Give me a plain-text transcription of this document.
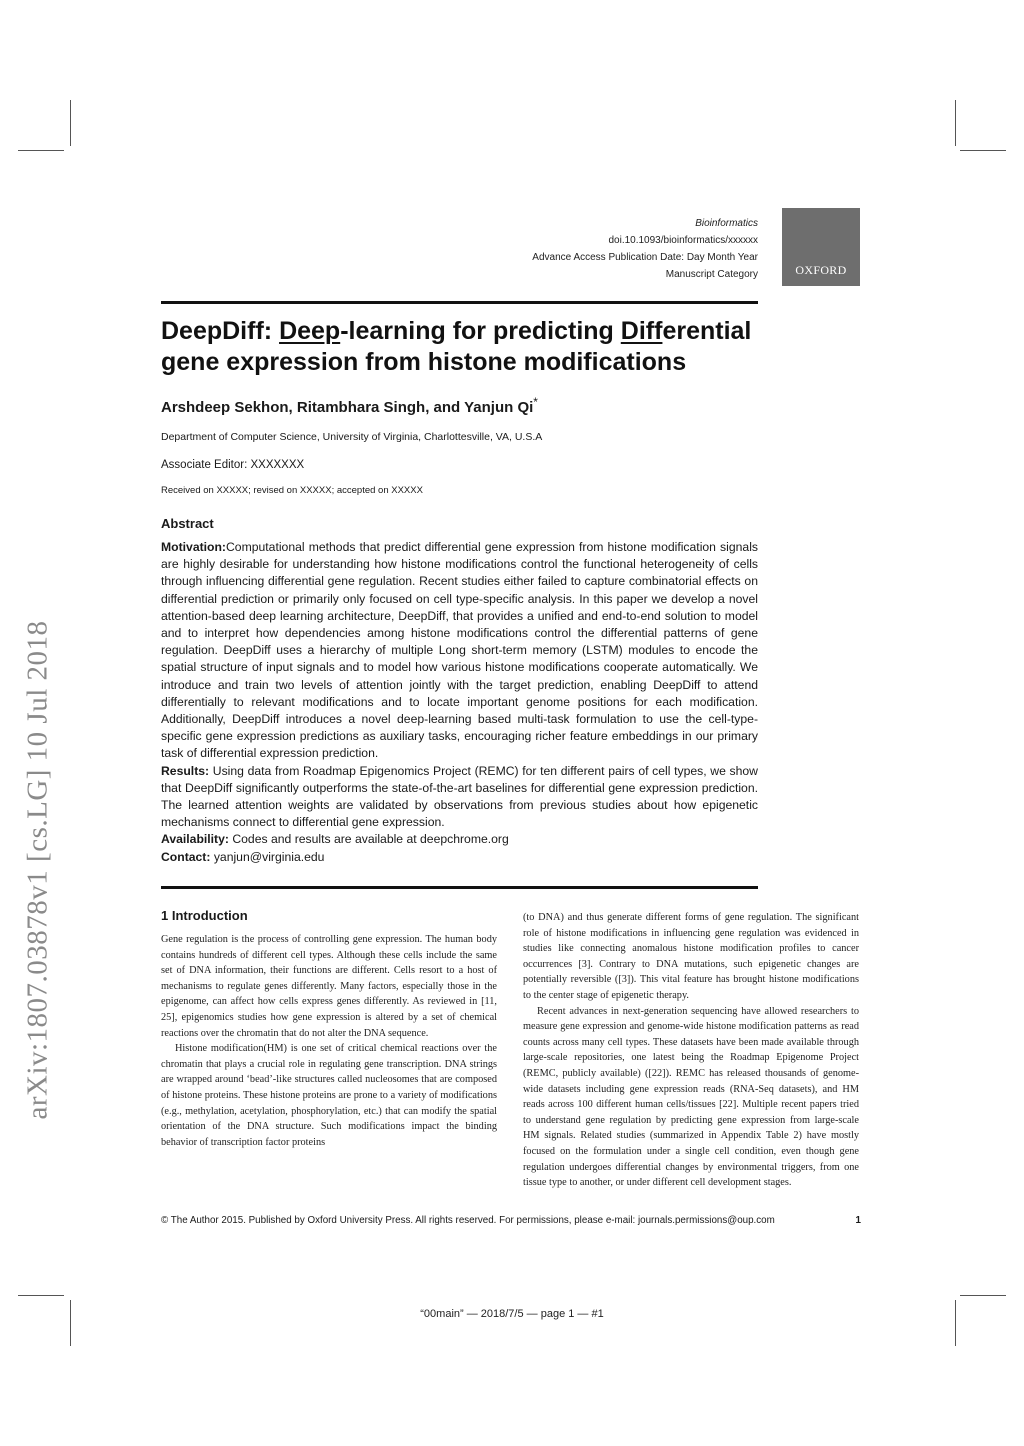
arXiv:1807.03878v1 [cs.LG] 10 Jul 2018
Bioinformatics
doi.10.1093/bioinformatics/xxxxxx
Advance Access Publication Date: Day Month Year
Manuscript Category	OXFORD
DeepDiff: Deep-learning for predicting Differential
gene expression from histone modifications
Arshdeep Sekhon, Ritambhara Singh, and Yanjun Qi*
Department of Computer Science, University of Virginia, Charlottesville, VA, U.S.A
Associate Editor: XXXXXXX
Received on XXXXX; revised on XXXXX; accepted on XXXXX
Abstract

Motivation:Computational methods that predict differential gene expression from histone modification signals are highly desirable for understanding how histone modifications control the functional heterogeneity of cells through influencing differential gene regulation. Recent studies either failed to capture combinatorial effects on differential prediction or primarily only focused on cell type-specific analysis. In this paper we develop a novel attention-based deep learning architecture, DeepDiff, that provides a unified and end-to-end solution to model and to interpret how dependencies among histone modifications control the differential patterns of gene regulation. DeepDiff uses a hierarchy of multiple Long short-term memory (LSTM) modules to encode the spatial structure of input signals and to model how various histone modifications cooperate automatically. We introduce and train two levels of attention jointly with the target prediction, enabling DeepDiff to attend differentially to relevant modifications and to locate important genome positions for each modification. Additionally, DeepDiff introduces a novel deep-learning based multi-task formulation to use the cell-type-specific gene expression predictions as auxiliary tasks, encouraging richer feature embeddings in our primary task of differential expression prediction.

Results: Using data from Roadmap Epigenomics Project (REMC) for ten different pairs of cell types, we show that DeepDiff significantly outperforms the state-of-the-art baselines for differential gene expression prediction. The learned attention weights are validated by observations from previous studies about how epigenetic mechanisms connect to differential gene expression.

Availability: Codes and results are available at deepchrome.org

Contact: yanjun@virginia.edu

1 Introduction

Gene regulation is the process of controlling gene expression. The human body contains hundreds of different cell types. Although these cells include the same set of DNA information, their functions are different. Cells resort to a host of mechanisms to regulate genes differently. Many factors, especially those in the epigenome, can affect how cells express genes differently. As reviewed in [11, 25], epigenomics studies how gene expression is altered by a set of chemical reactions over the chromatin that do not alter the DNA sequence.

Histone modification(HM) is one set of critical chemical reactions over the chromatin that plays a crucial role in regulating gene transcription. DNA strings are wrapped around ‘bead’-like structures called nucleosomes that are composed of histone proteins. These histone proteins are prone to a variety of modifications (e.g., methylation, acetylation, phosphorylation, etc.) that can modify the spatial orientation of the DNA structure. Such modifications impact the binding behavior of transcription factor proteins

(to DNA) and thus generate different forms of gene regulation. The significant role of histone modifications in influencing gene regulation was evidenced in studies like connecting anomalous histone modification profiles to cancer occurrences [3]. Contrary to DNA mutations, such epigenetic changes are potentially reversible ([3]). This vital feature has brought histone modifications to the center stage of epigenetic therapy.

Recent advances in next-generation sequencing have allowed researchers to measure gene expression and genome-wide histone modification patterns as read counts across many cell types. These datasets have been made available through large-scale repositories, one latest being the Roadmap Epigenome Project (REMC, publicly available) ([22]). REMC has released thousands of genome-wide datasets including gene expression reads (RNA-Seq datasets), and HM reads across 100 different human cells/tissues [22]. Multiple recent papers tried to understand gene regulation by predicting gene expression from large-scale HM signals. Related studies (summarized in Appendix Table 2) have mostly focused on the formulation under a single cell condition, even though gene regulation undergoes differential changes by environmental triggers, from one tissue type to another, or under different cell development stages.

© The Author 2015. Published by Oxford University Press. All rights reserved. For permissions, please e-mail: journals.permissions@oup.com	1
“00main” — 2018/7/5 — page 1 — #1
